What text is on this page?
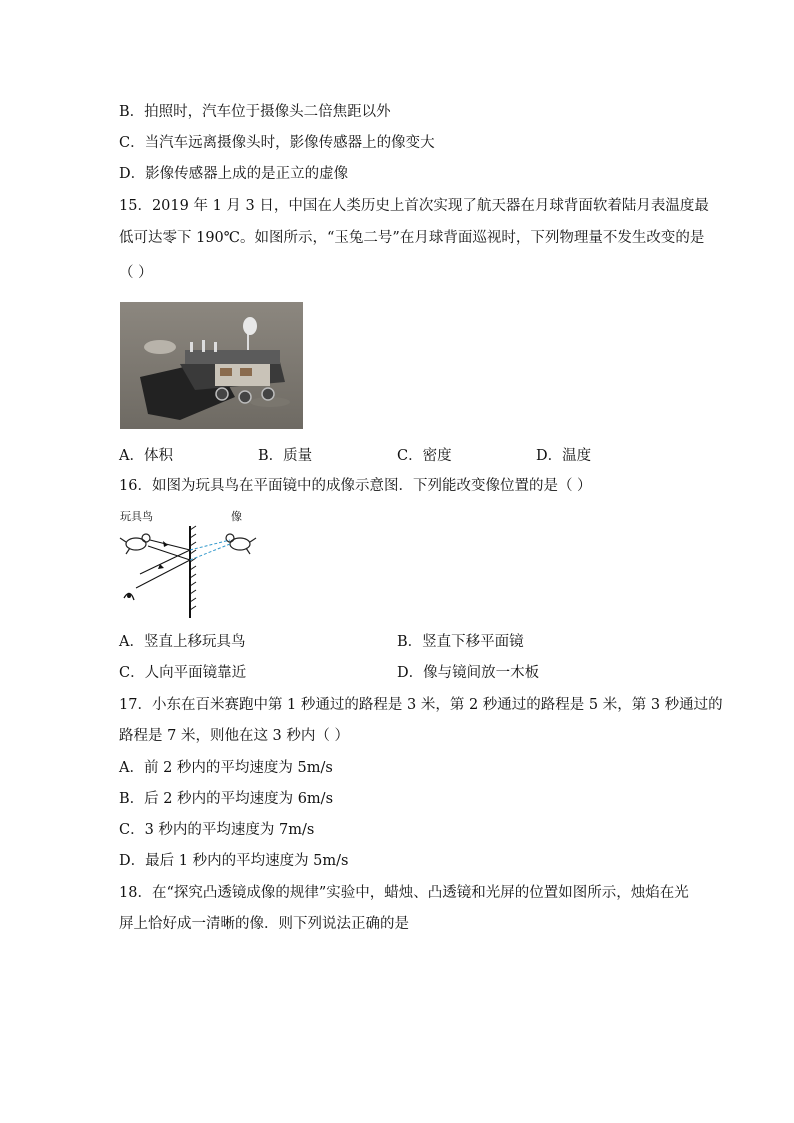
B．拍照时，汽车位于摄像头二倍焦距以外
C．当汽车远离摄像头时，影像传感器上的像变大
D．影像传感器上成的是正立的虚像
15．2019 年 1 月 3 日，中国在人类历史上首次实现了航天器在月球背面软着陆月表温度最
低可达零下 190℃。如图所示，“玉兔二号”在月球背面巡视时，下列物理量不发生改变的是
（ ）
A．体积	B．质量	C．密度	D．温度
16．如图为玩具鸟在平面镜中的成像示意图．下列能改变像位置的是（ ）
玩具鸟	像
A．竖直上移玩具鸟	B．竖直下移平面镜
C．人向平面镜靠近	D．像与镜间放一木板
17．小东在百米赛跑中第 1 秒通过的路程是 3 米，第 2 秒通过的路程是 5 米，第 3 秒通过的
路程是 7 米，则他在这 3 秒内（ ）
A．前 2 秒内的平均速度为 5m/s
B．后 2 秒内的平均速度为 6m/s
C．3 秒内的平均速度为 7m/s
D．最后 1 秒内的平均速度为 5m/s
18．在“探究凸透镜成像的规律”实验中，蜡烛、凸透镜和光屏的位置如图所示，烛焰在光
屏上恰好成一清晰的像．则下列说法正确的是
